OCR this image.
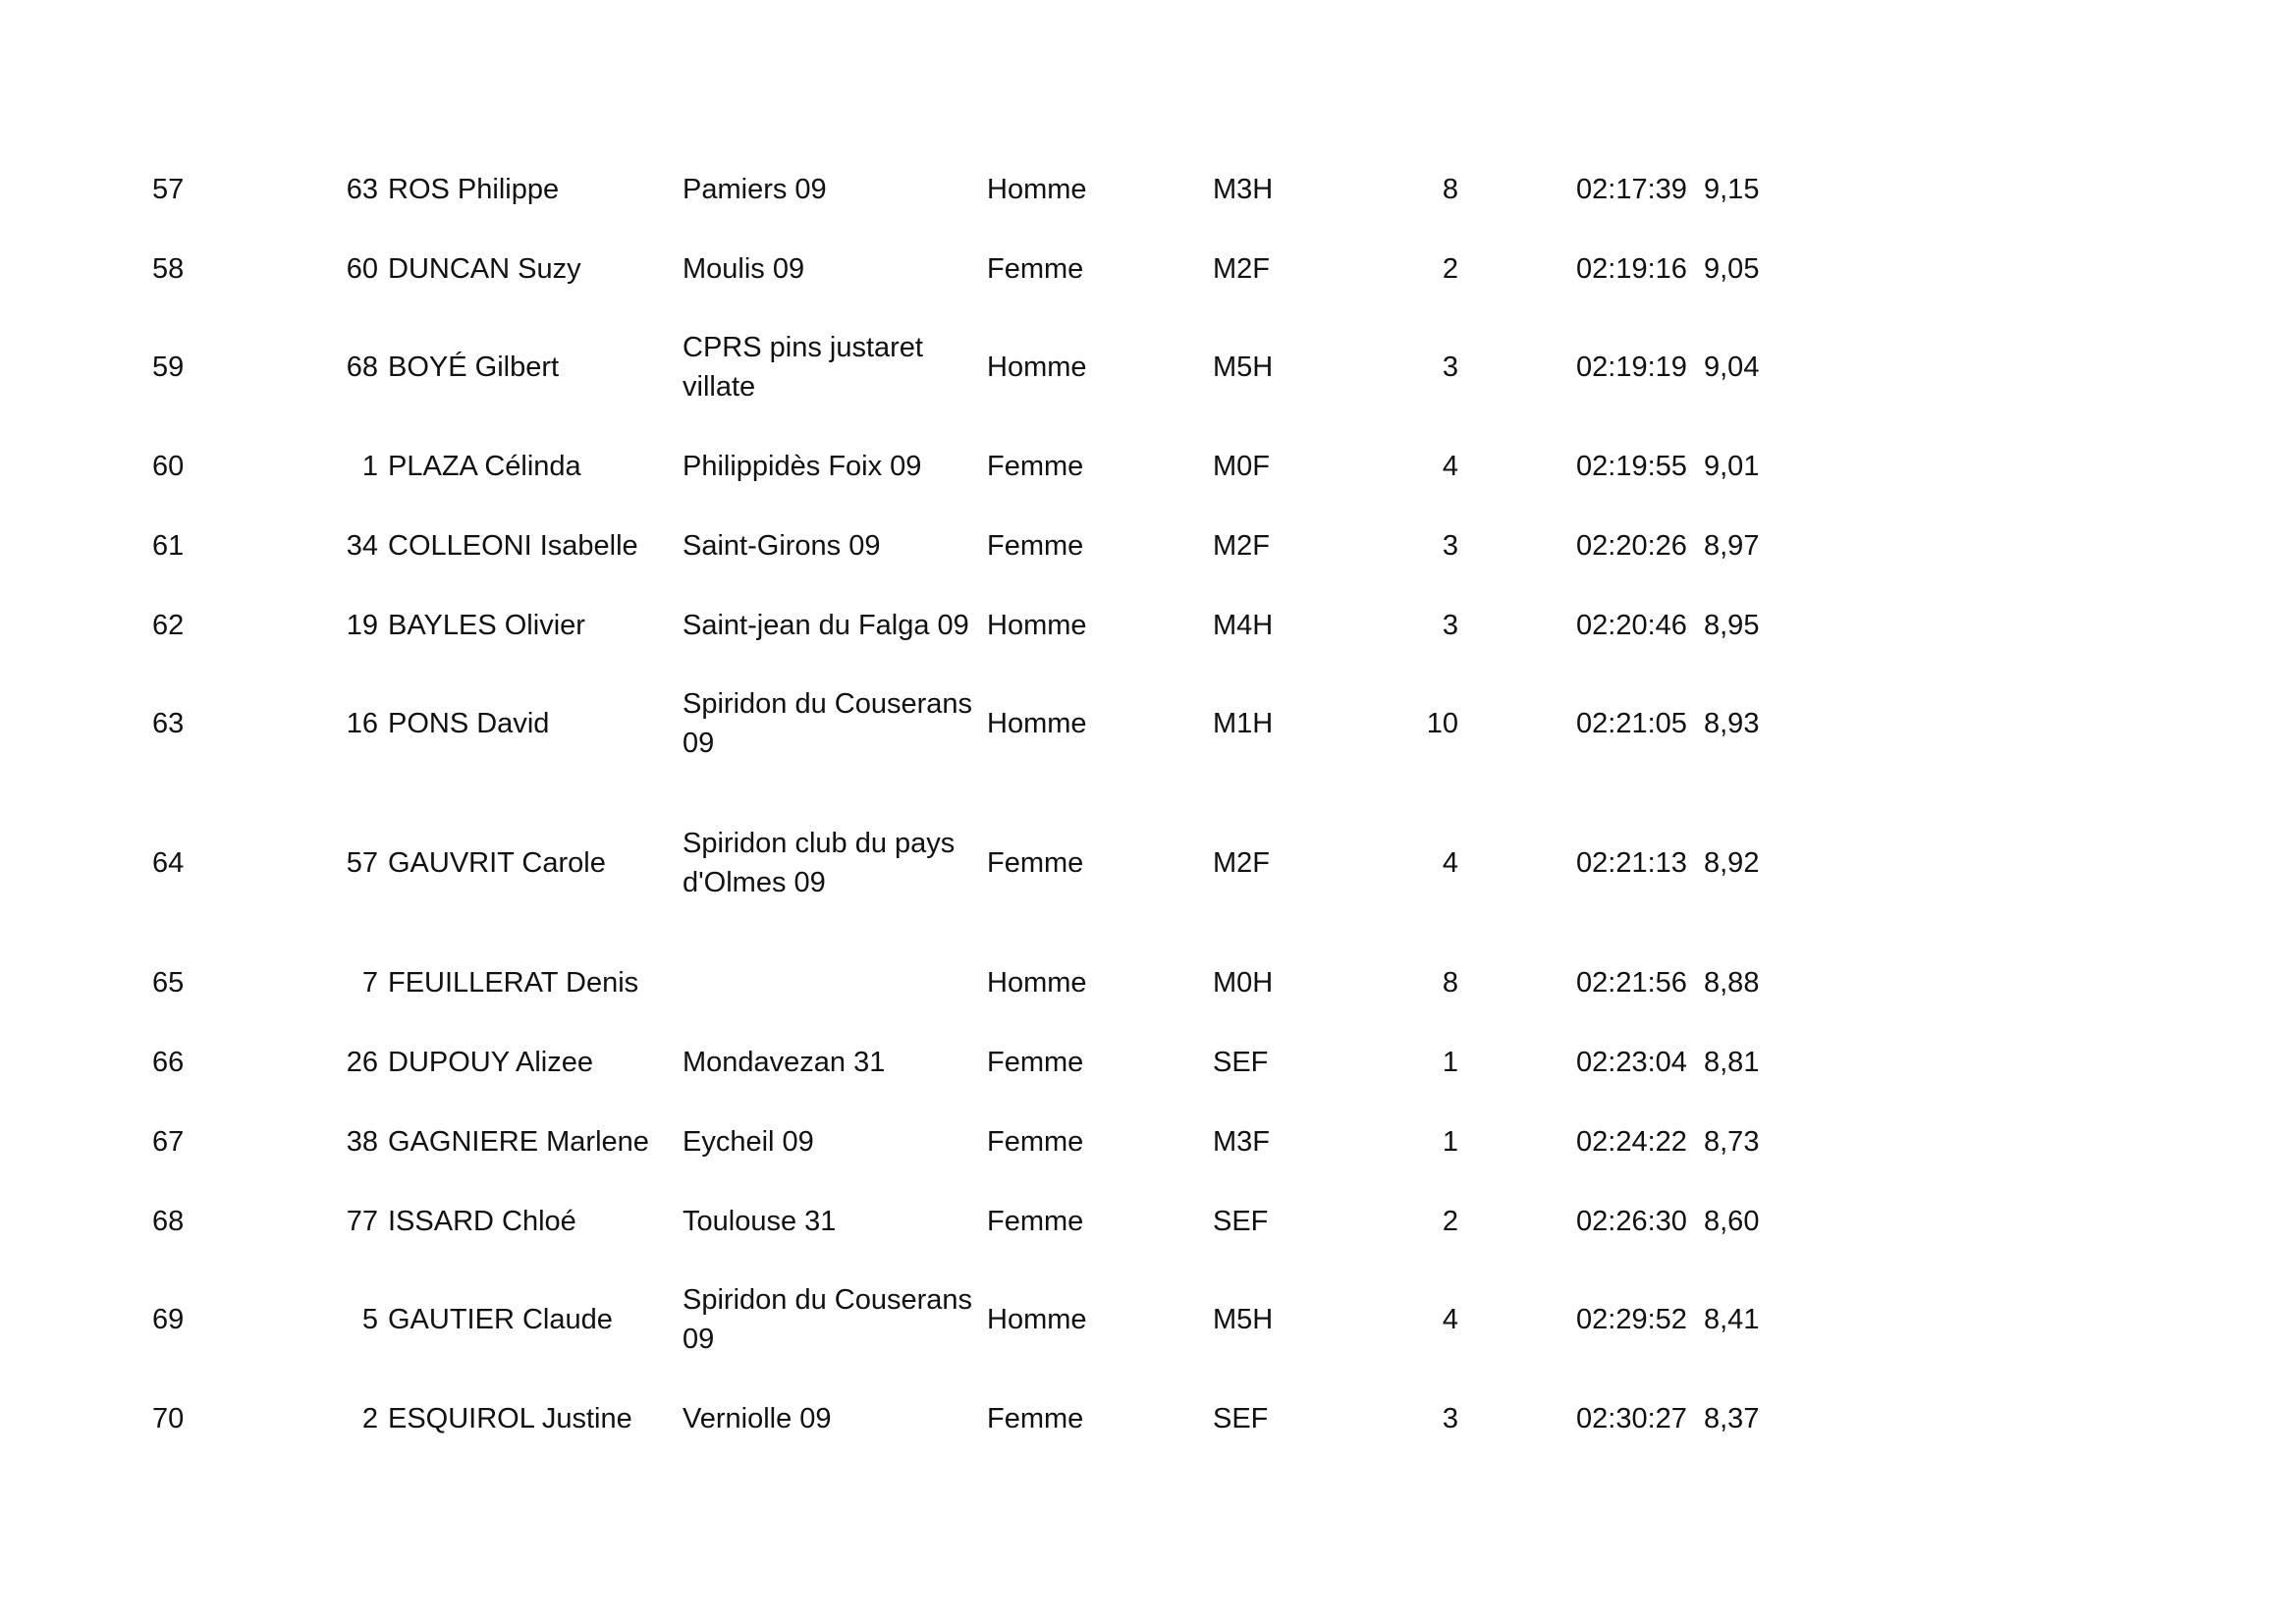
57	63	ROS Philippe	Pamiers 09	Homme	M3H	8		02:17:39	9,15
58	60	DUNCAN Suzy	Moulis 09	Femme	M2F	2		02:19:16	9,05
59	68	BOYÉ Gilbert	CPRS pins justaret villate	Homme	M5H	3		02:19:19	9,04
60	1	PLAZA Célinda	Philippidès Foix 09	Femme	M0F	4		02:19:55	9,01
61	34	COLLEONI Isabelle	Saint-Girons 09	Femme	M2F	3		02:20:26	8,97
62	19	BAYLES Olivier	Saint-jean du Falga 09	Homme	M4H	3		02:20:46	8,95
63	16	PONS David	Spiridon du Couserans 09	Homme	M1H	10		02:21:05	8,93
64	57	GAUVRIT Carole	Spiridon club du pays d'Olmes 09	Femme	M2F	4		02:21:13	8,92
65	7	FEUILLERAT Denis		Homme	M0H	8		02:21:56	8,88
66	26	DUPOUY Alizee	Mondavezan 31	Femme	SEF	1		02:23:04	8,81
67	38	GAGNIERE Marlene	Eycheil 09	Femme	M3F	1		02:24:22	8,73
68	77	ISSARD Chloé	Toulouse 31	Femme	SEF	2		02:26:30	8,60
69	5	GAUTIER Claude	Spiridon du Couserans 09	Homme	M5H	4		02:29:52	8,41
70	2	ESQUIROL Justine	Verniolle 09	Femme	SEF	3		02:30:27	8,37
